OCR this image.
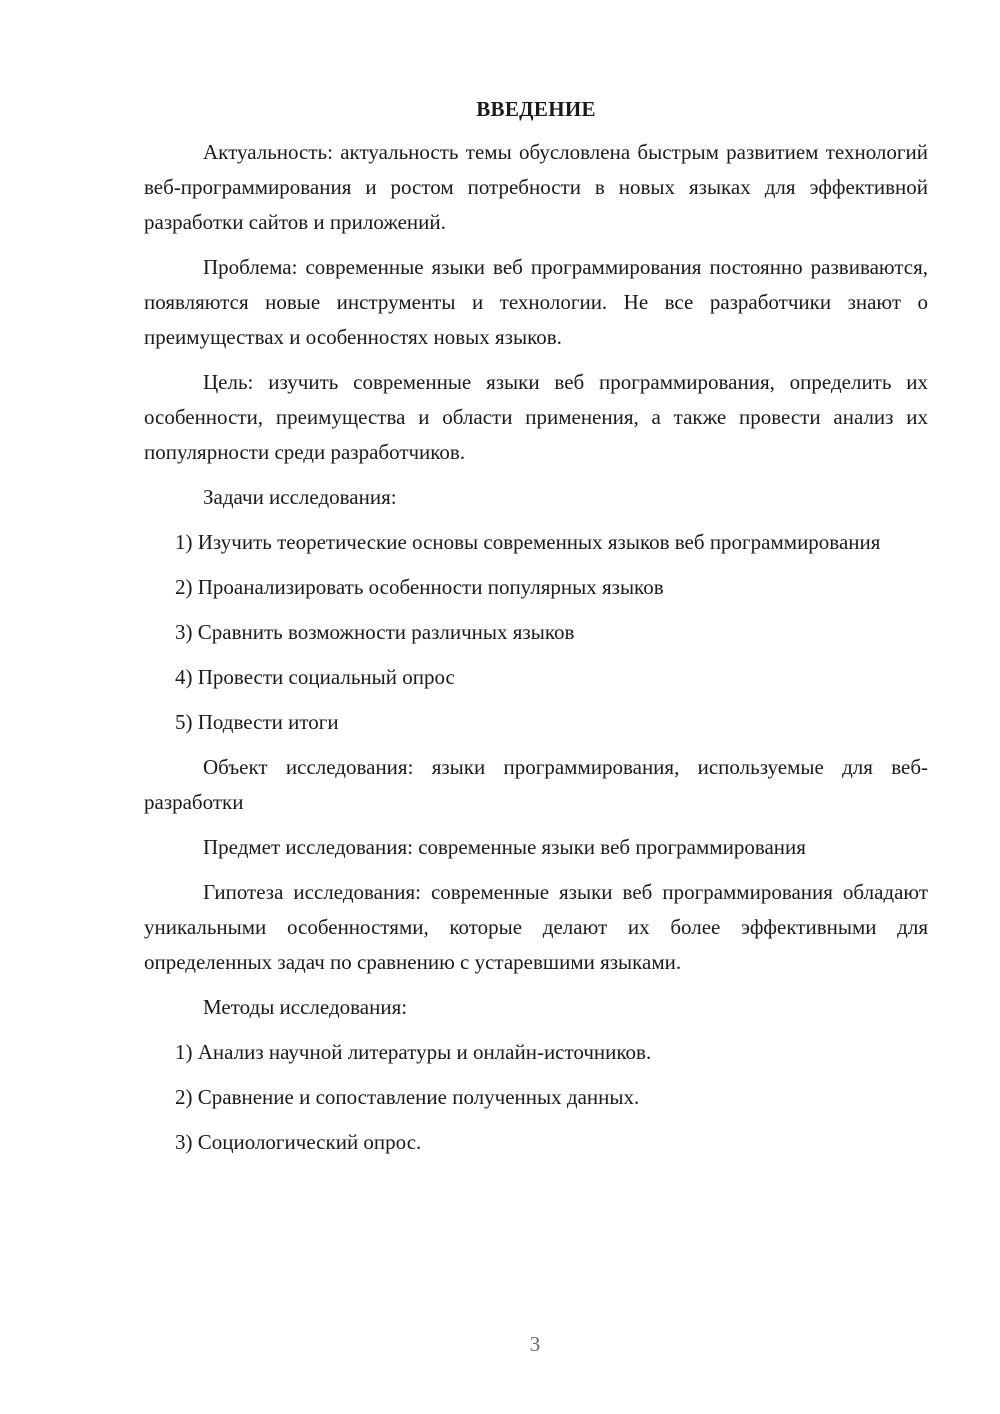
ВВЕДЕНИЕ

Актуальность: актуальность темы обусловлена быстрым развитием технологий веб-программирования и ростом потребности в новых языках для эффективной разработки сайтов и приложений.

Проблема: современные языки веб программирования постоянно развиваются, появляются новые инструменты и технологии. Не все разработчики знают о преимуществах и особенностях новых языков.

Цель: изучить современные языки веб программирования, определить их особенности, преимущества и области применения, а также провести анализ их популярности среди разработчиков.

Задачи исследования:

1) Изучить теоретические основы современных языков веб программирования

2) Проанализировать особенности популярных языков

3) Сравнить возможности различных языков

4) Провести социальный опрос

5) Подвести итоги

Объект исследования: языки программирования, используемые для веб-разработки

Предмет исследования: современные языки веб программирования

Гипотеза исследования: современные языки веб программирования обладают уникальными особенностями, которые делают их более эффективными для определенных задач по сравнению с устаревшими языками.

Методы исследования:

1) Анализ научной литературы и онлайн-источников.

2) Сравнение и сопоставление полученных данных.

3) Социологический опрос.

3
